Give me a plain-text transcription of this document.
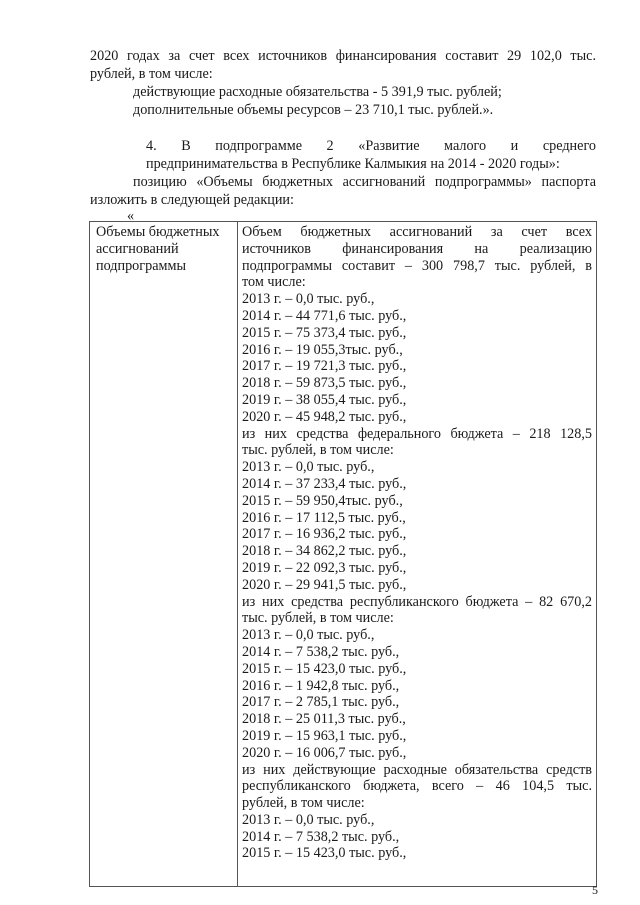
2020 годах за счет всех источников финансирования составит 29 102,0 тыс.
рублей, в том числе:
действующие расходные обязательства - 5 391,9 тыс. рублей;
дополнительные объемы ресурсов – 23 710,1 тыс. рублей.».
4. В подпрограмме 2 «Развитие малого и среднего
предпринимательства в Республике Калмыкия на 2014 - 2020 годы»:
позицию «Объемы бюджетных ассигнований подпрограммы» паспорта
изложить в следующей редакции:
«
Объемы бюджетных
ассигнований
подпрограммы
Объем бюджетных ассигнований за счет всех
источников финансирования на реализацию
подпрограммы составит – 300 798,7 тыс. рублей, в
том числе:
2013 г. – 0,0 тыс. руб.,
2014 г. – 44 771,6 тыс. руб.,
2015 г. – 75 373,4 тыс. руб.,
2016 г. – 19 055,3тыс. руб.,
2017 г. – 19 721,3 тыс. руб.,
2018 г. – 59 873,5 тыс. руб.,
2019 г. – 38 055,4 тыс. руб.,
2020 г. – 45 948,2 тыс. руб.,
из них средства федерального бюджета – 218 128,5
тыс. рублей, в том числе:
2013 г. – 0,0 тыс. руб.,
2014 г. – 37 233,4 тыс. руб.,
2015 г. – 59 950,4тыс. руб.,
2016 г. – 17 112,5 тыс. руб.,
2017 г. – 16 936,2 тыс. руб.,
2018 г. – 34 862,2 тыс. руб.,
2019 г. – 22 092,3 тыс. руб.,
2020 г. – 29 941,5 тыс. руб.,
из них средства республиканского бюджета – 82 670,2
тыс. рублей, в том числе:
2013 г. – 0,0 тыс. руб.,
2014 г. – 7 538,2 тыс. руб.,
2015 г. – 15 423,0 тыс. руб.,
2016 г. – 1 942,8 тыс. руб.,
2017 г. – 2 785,1 тыс. руб.,
2018 г. – 25 011,3 тыс. руб.,
2019 г. – 15 963,1 тыс. руб.,
2020 г. – 16 006,7 тыс. руб.,
из них действующие расходные обязательства средств
республиканского бюджета, всего – 46 104,5 тыс.
рублей, в том числе:
2013 г. – 0,0 тыс. руб.,
2014 г. – 7 538,2 тыс. руб.,
2015 г. – 15 423,0 тыс. руб.,
5
